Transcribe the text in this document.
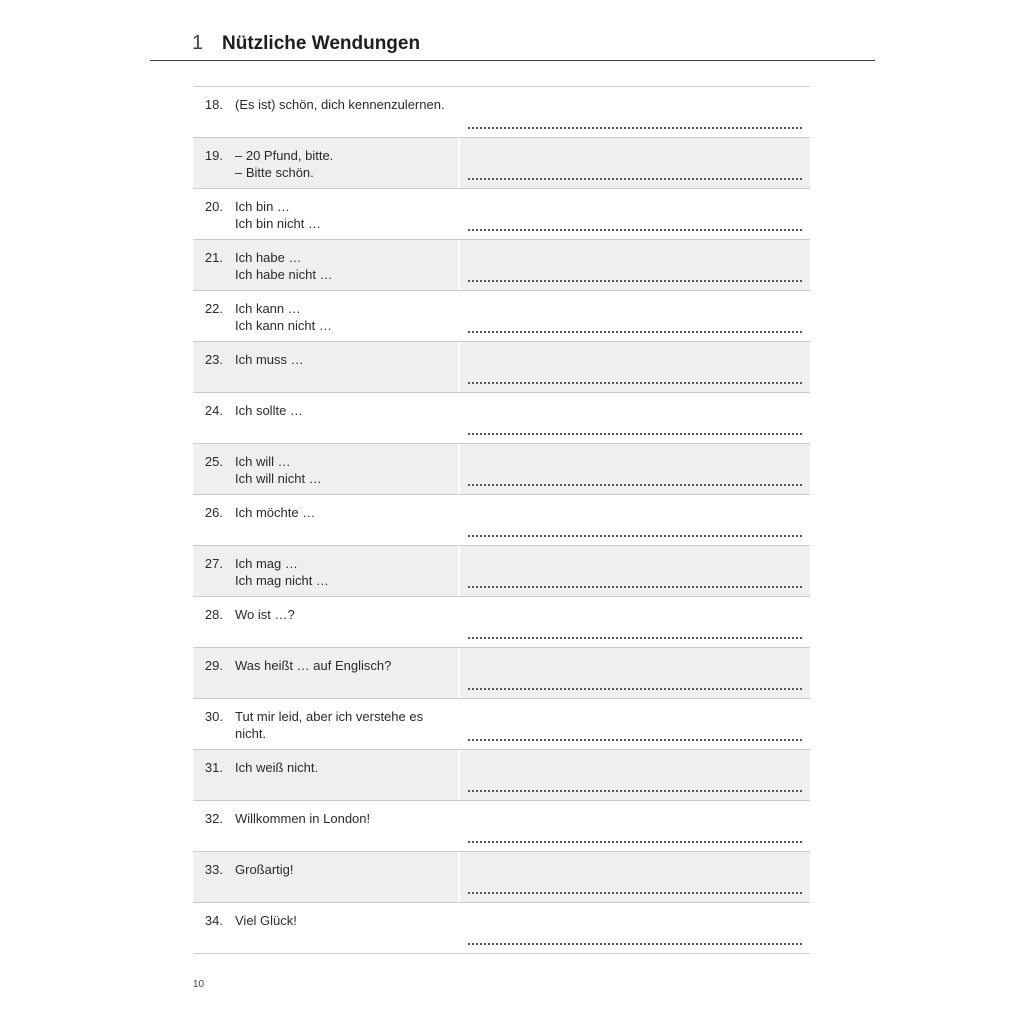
1 Nützliche Wendungen
18. (Es ist) schön, dich kennenzulernen.
19. – 20 Pfund, bitte.
– Bitte schön.
20. Ich bin …
Ich bin nicht …
21. Ich habe …
Ich habe nicht …
22. Ich kann …
Ich kann nicht …
23. Ich muss …
24. Ich sollte …
25. Ich will …
Ich will nicht …
26. Ich möchte …
27. Ich mag …
Ich mag nicht …
28. Wo ist …?
29. Was heißt … auf Englisch?
30. Tut mir leid, aber ich verstehe es
nicht.
31. Ich weiß nicht.
32. Willkommen in London!
33. Großartig!
34. Viel Glück!
10
